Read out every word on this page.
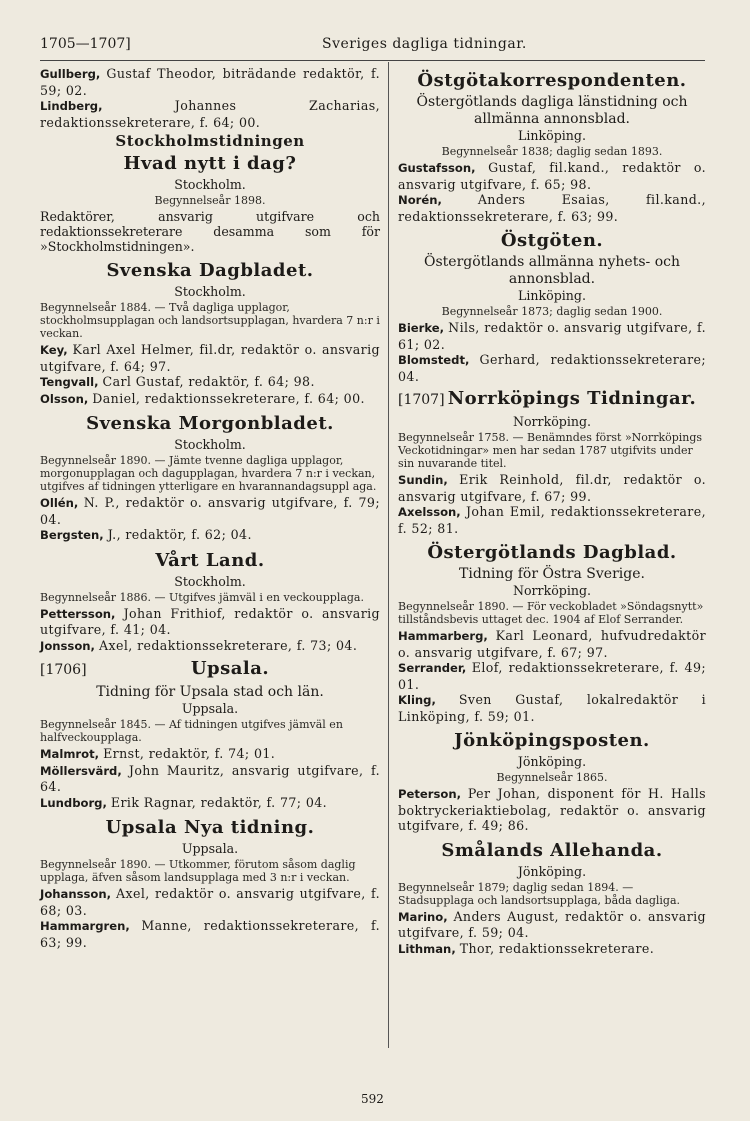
1705—1707]	Sveriges dagliga tidningar.

Gullberg, Gustaf Theodor, biträdande redaktör, f. 59; 02.

Lindberg,	Johannes Zacharias, redaktionssekreterare, f. 64; 00.

Stockholmstidningen

Hvad nytt i dag?

Stockholm.

Begynnelseår 1898.

Redaktörer, ansvarig utgifvare och redaktionssekreterare desamma som för »Stockholmstidningen».

Svenska Dagbladet.

Stockholm.

Begynnelseår 1884. — Två dagliga upplagor, stockholmsupplagan och landsortsupplagan, hvardera 7 n:r i veckan.

Key, Karl Axel Helmer, fil.dr, redaktör o. ansvarig utgifvare, f. 64; 97.

Tengvall, Carl Gustaf, redaktör, f. 64; 98.

Olsson, Daniel, redaktionssekreterare, f. 64; 00.

Svenska Morgonbladet.

Stockholm.

Begynnelseår 1890. — Jämte tvenne dagliga upplagor, morgonupplagan och dagupplagan, hvardera 7 n:r i veckan, utgifves af tidningen ytterligare en hvarannandagsuppl aga.

Ollén, N. P., redaktör o. ansvarig utgifvare, f. 79; 04.

Bergsten, J., redaktör, f. 62; 04.

Vårt Land.

Stockholm.

Begynnelseår 1886. — Utgifves jämväl i en veckoupplaga.

Pettersson, Johan Frithiof, redaktör o. ansvarig utgifvare, f. 41; 04.

Jonsson, Axel, redaktionssekreterare, f. 73; 04.

[1706]	Upsala.

Tidning för Upsala stad och län.

Uppsala.

Begynnelseår 1845. — Af tidningen utgifves jämväl en halfveckoupplaga.

Malmrot, Ernst, redaktör, f. 74; 01.

Möllersvärd, John Mauritz, ansvarig utgifvare, f. 64.

Lundborg, Erik Ragnar, redaktör, f. 77; 04.

Upsala Nya tidning.

Uppsala.

Begynnelseår 1890. — Utkommer, förutom såsom daglig upplaga, äfven såsom landsupplaga med 3 n:r i veckan.

Johansson, Axel, redaktör o. ansvarig utgifvare, f. 68; 03.

Hammargren, Manne, redaktionssekreterare, f. 63; 99.

Östgötakorrespondenten.

Östergötlands dagliga länstidning och allmänna annonsblad.

Linköping.

Begynnelseår 1838; daglig sedan 1893.

Gustafsson, Gustaf, fil.kand., redaktör o. ansvarig utgifvare, f. 65; 98.

Norén,	Anders Esaias, fil.kand., redaktionssekreterare, f. 63; 99.

Östgöten.

Östergötlands allmänna nyhets- och annonsblad.

Linköping.

Begynnelseår 1873; daglig sedan 1900.

Bierke, Nils, redaktör o. ansvarig utgifvare, f. 61; 02.

Blomstedt, Gerhard, redaktionssekreterare; 04.

[1707] Norrköpings Tidningar.

Norrköping.

Begynnelseår 1758. — Benämndes först »Norrköpings Veckotidningar» men har sedan 1787 utgifvits under sin nuvarande titel.

Sundin, Erik Reinhold, fil.dr, redaktör o. ansvarig utgifvare, f. 67; 99.

Axelsson, Johan Emil, redaktionssekreterare, f. 52; 81.

Östergötlands Dagblad.

Tidning för Östra Sverige.

Norrköping.

Begynnelseår 1890. — För veckobladet »Söndagsnytt» tillståndsbevis uttaget dec. 1904 af Elof Serrander.

Hammarberg, Karl Leonard, hufvudredaktör o. ansvarig utgifvare, f. 67; 97.

Serrander, Elof, redaktionssekreterare, f. 49; 01.

Kling, Sven Gustaf, lokalredaktör i Linköping, f. 59; 01.

Jönköpingsposten.

Jönköping.

Begynnelseår 1865.

Peterson, Per Johan, disponent för H. Halls boktryckeriaktiebolag, redaktör o. ansvarig utgifvare, f. 49; 86.

Smålands Allehanda.

Jönköping.

Begynnelseår 1879; daglig sedan 1894. — Stadsupplaga och landsortsupplaga, båda dagliga.

Marino, Anders August, redaktör o. ansvarig utgifvare, f. 59; 04.

Lithman, Thor, redaktionssekreterare.

592
